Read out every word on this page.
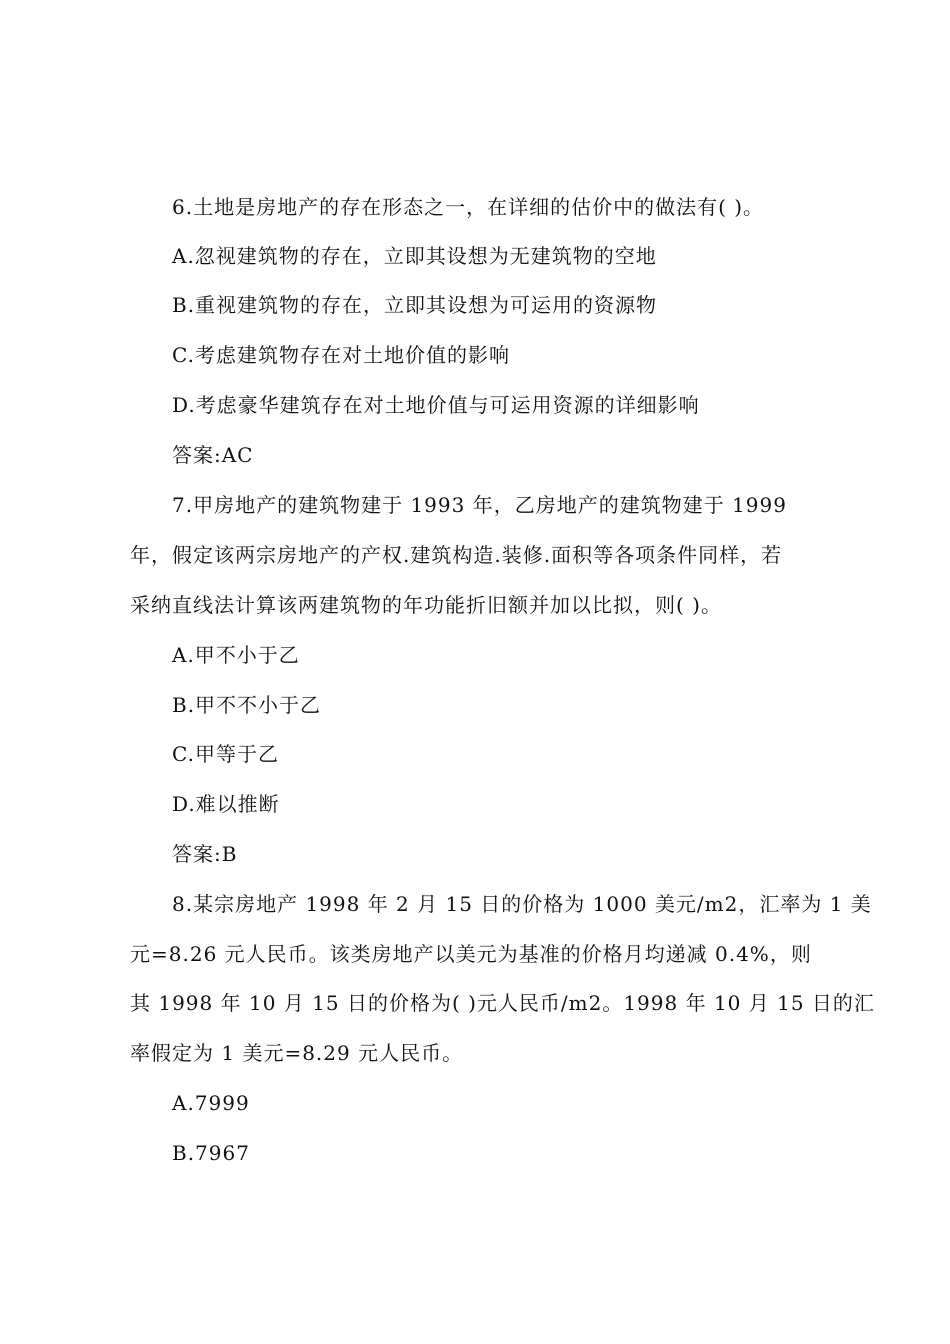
6.土地是房地产的存在形态之一，在详细的估价中的做法有( )。
A.忽视建筑物的存在，立即其设想为无建筑物的空地
B.重视建筑物的存在，立即其设想为可运用的资源物
C.考虑建筑物存在对土地价值的影响
D.考虑豪华建筑存在对土地价值与可运用资源的详细影响
答案:AC
7.甲房地产的建筑物建于 1993 年，乙房地产的建筑物建于 1999
年，假定该两宗房地产的产权.建筑构造.装修.面积等各项条件同样，若
采纳直线法计算该两建筑物的年功能折旧额并加以比拟，则( )。
A.甲不小于乙
B.甲不不小于乙
C.甲等于乙
D.难以推断
答案:B
8.某宗房地产 1998 年 2 月 15 日的价格为 1000 美元/m2，汇率为 1 美
元=8.26 元人民币。该类房地产以美元为基准的价格月均递减 0.4%，则
其 1998 年 10 月 15 日的价格为( )元人民币/m2。1998 年 10 月 15 日的汇
率假定为 1 美元=8.29 元人民币。
A.7999
B.7967
